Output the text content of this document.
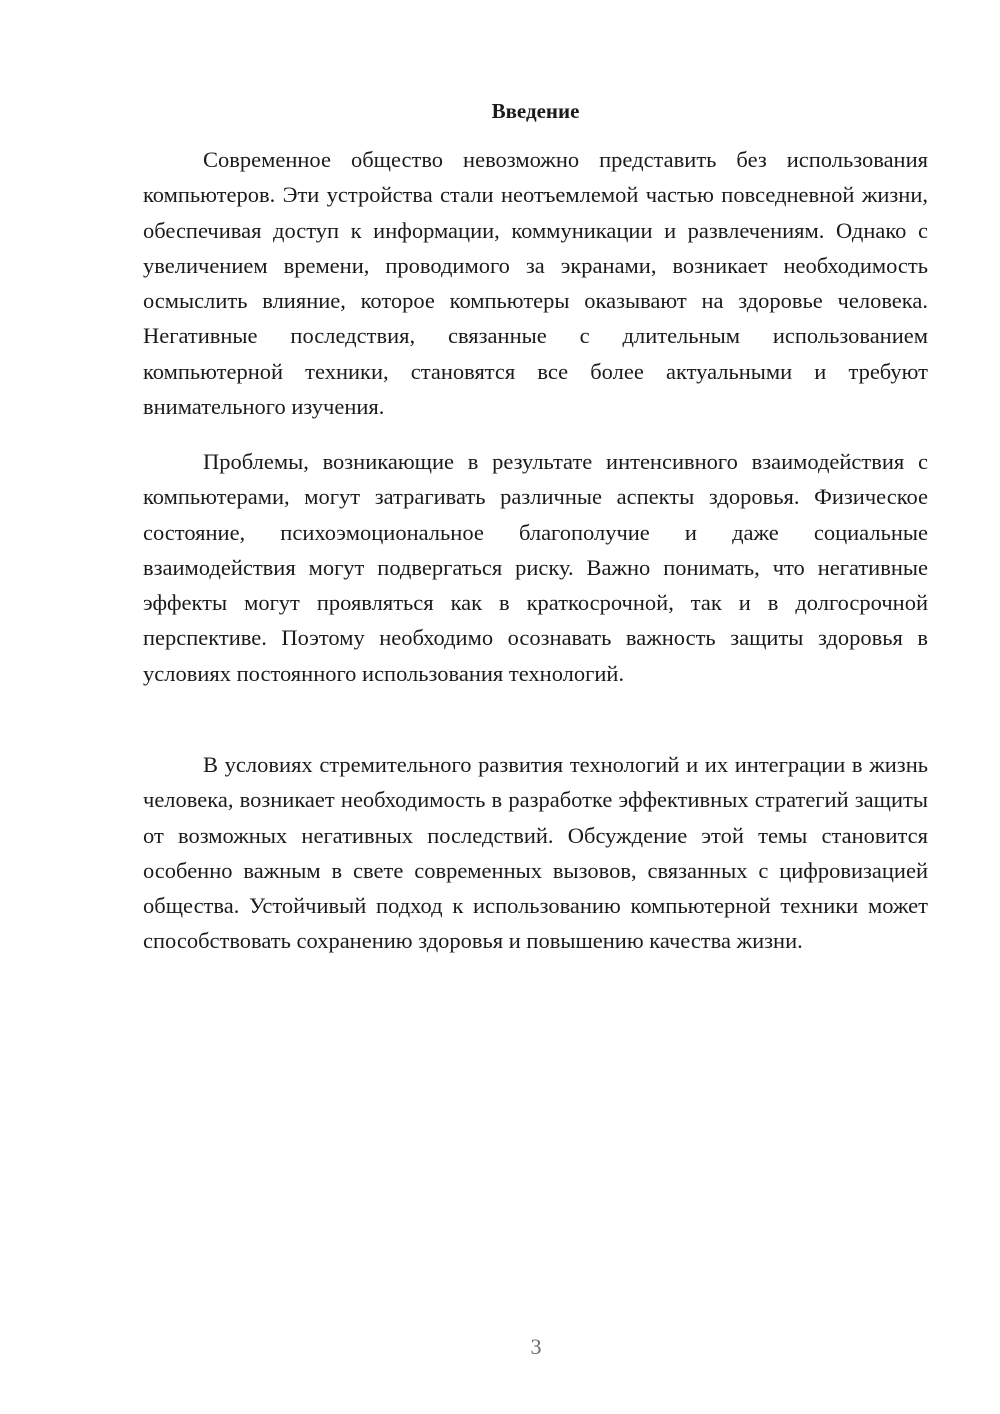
Введение

Современное общество невозможно представить без использования компьютеров. Эти устройства стали неотъемлемой частью повседневной жизни, обеспечивая доступ к информации, коммуникации и развлечениям. Однако с увеличением времени, проводимого за экранами, возникает необходимость осмыслить влияние, которое компьютеры оказывают на здоровье человека. Негативные последствия, связанные с длительным использованием компьютерной техники, становятся все более актуальными и требуют внимательного изучения.

Проблемы, возникающие в результате интенсивного взаимодействия с компьютерами, могут затрагивать различные аспекты здоровья. Физическое состояние, психоэмоциональное благополучие и даже социальные взаимодействия могут подвергаться риску. Важно понимать, что негативные эффекты могут проявляться как в краткосрочной, так и в долгосрочной перспективе. Поэтому необходимо осознавать важность защиты здоровья в условиях постоянного использования технологий.

В условиях стремительного развития технологий и их интеграции в жизнь человека, возникает необходимость в разработке эффективных стратегий защиты от возможных негативных последствий. Обсуждение этой темы становится особенно важным в свете современных вызовов, связанных с цифровизацией общества. Устойчивый подход к использованию компьютерной техники может способствовать сохранению здоровья и повышению качества жизни.

3
